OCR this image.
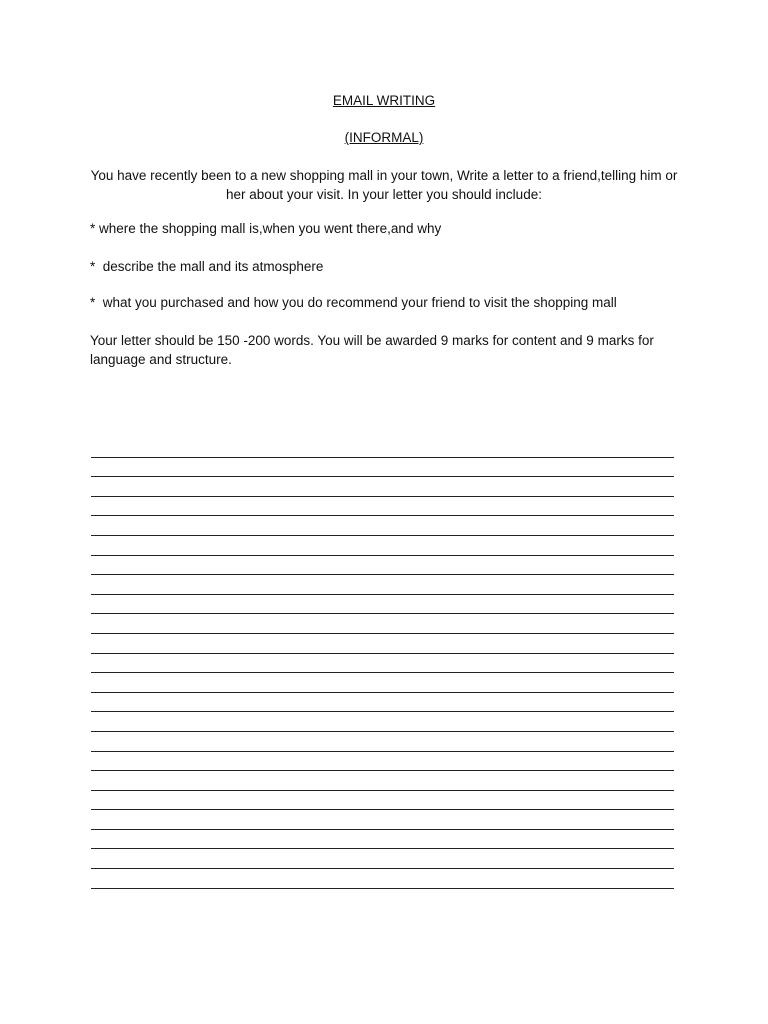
EMAIL WRITING
(INFORMAL)
You have recently been to a new shopping mall in your town, Write a letter to a friend,telling him or her about your visit. In your letter you should include:
* where the shopping mall is,when you went there,and why
*  describe the mall and its atmosphere
*  what you purchased and how you do recommend your friend to visit the shopping mall
Your letter should be 150 -200 words. You will be awarded 9 marks for content and 9 marks for language and structure.
